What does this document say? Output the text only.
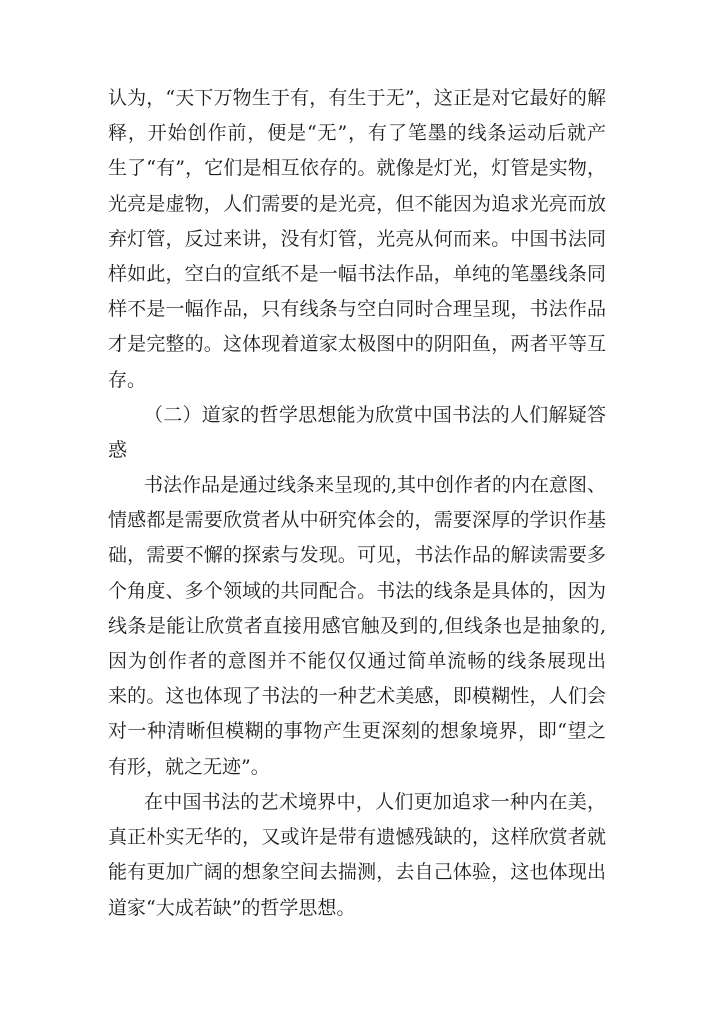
认为，“天下万物生于有，有生于无”，这正是对它最好的解
释，开始创作前，便是“无”，有了笔墨的线条运动后就产
生了“有”，它们是相互依存的。就像是灯光，灯管是实物，
光亮是虚物，人们需要的是光亮，但不能因为追求光亮而放
弃灯管，反过来讲，没有灯管，光亮从何而来。中国书法同
样如此，空白的宣纸不是一幅书法作品，单纯的笔墨线条同
样不是一幅作品，只有线条与空白同时合理呈现，书法作品
才是完整的。这体现着道家太极图中的阴阳鱼，两者平等互
存。
（二）道家的哲学思想能为欣赏中国书法的人们解疑答
惑
书法作品是通过线条来呈现的,其中创作者的内在意图、
情感都是需要欣赏者从中研究体会的，需要深厚的学识作基
础，需要不懈的探索与发现。可见，书法作品的解读需要多
个角度、多个领域的共同配合。书法的线条是具体的，因为
线条是能让欣赏者直接用感官触及到的,但线条也是抽象的,
因为创作者的意图并不能仅仅通过简单流畅的线条展现出
来的。这也体现了书法的一种艺术美感，即模糊性，人们会
对一种清晰但模糊的事物产生更深刻的想象境界，即“望之
有形，就之无迹”。
在中国书法的艺术境界中，人们更加追求一种内在美，
真正朴实无华的，又或许是带有遗憾残缺的，这样欣赏者就
能有更加广阔的想象空间去揣测，去自己体验，这也体现出
道家“大成若缺”的哲学思想。
